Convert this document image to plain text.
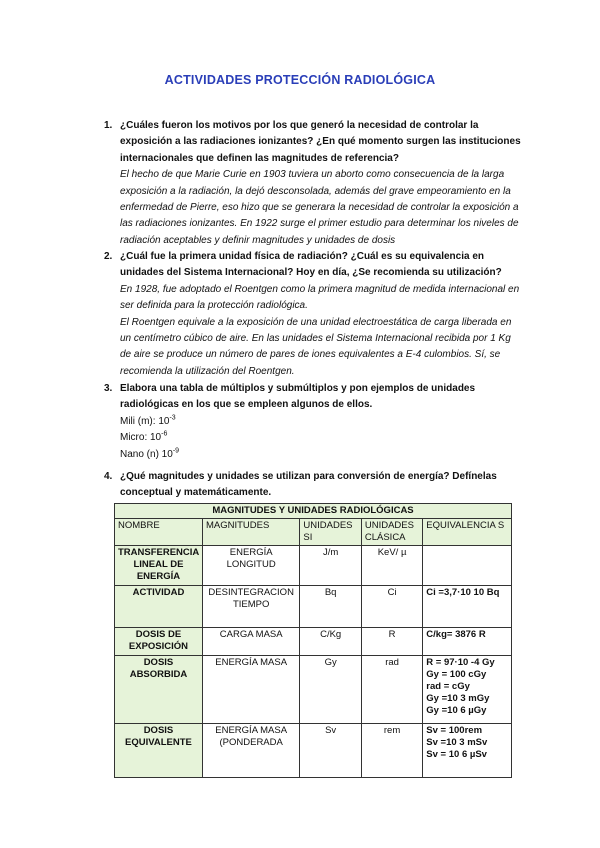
ACTIVIDADES PROTECCIÓN RADIOLÓGICA
1. ¿Cuáles fueron los motivos por los que generó la necesidad de controlar la exposición a las radiaciones ionizantes? ¿En qué momento surgen las instituciones internacionales que definen las magnitudes de referencia?
El hecho de que Marie Curie en 1903 tuviera un aborto como consecuencia de la larga exposición a la radiación, la dejó desconsolada, además del grave empeoramiento en la enfermedad de Pierre, eso hizo que se generara la necesidad de controlar la exposición a las radiaciones ionizantes. En 1922 surge el primer estudio para determinar los niveles de radiación aceptables y definir magnitudes y unidades de dosis
2. ¿Cuál fue la primera unidad física de radiación? ¿Cuál es su equivalencia en unidades del Sistema Internacional? Hoy en día, ¿Se recomienda su utilización?
En 1928, fue adoptado el Roentgen como la primera magnitud de medida internacional en ser definida para la protección radiológica.
El Roentgen equivale a la exposición de una unidad electroestática de carga liberada en un centímetro cúbico de aire. En las unidades el Sistema Internacional recibida por 1 Kg de aire se produce un número de pares de iones equivalentes a E-4 culombios. Sí, se recomienda la utilización del Roentgen.
3. Elabora una tabla de múltiplos y submúltiplos y pon ejemplos de unidades radiológicas en los que se empleen algunos de ellos.
Mili (m): $10^{-3}$
Micro: $10^{-6}$
Nano (n) $10^{-9}$
4. ¿Qué magnitudes y unidades se utilizan para conversión de energía? Defínelas conceptual y matemáticamente.
MAGNITUDES Y UNIDADES RADIOLÓGICAS				
NOMBRE	MAGNITUDES	UNIDADES SI	UNIDADES CLÁSICA	EQUIVALENCIA S
TRANSFERENCIA LINEAL DE ENERGÍA	ENERGÍA LONGITUD	J/m	KeV/ µ	
ACTIVIDAD	DESINTEGRACION TIEMPO	Bq	Ci	Ci =3,7·10 10 Bq
DOSIS DE EXPOSICIÓN	CARGA MASA	C/Kg	R	C/kg= 3876 R
DOSIS ABSORBIDA	ENERGÍA MASA	Gy	rad	R = 97·10 -4 Gy
Gy = 100 cGy
rad = cGy
Gy =10 3 mGy
Gy =10 6 µGy
DOSIS EQUIVALENTE	ENERGÍA MASA (PONDERADA	Sv	rem	Sv = 100rem
Sv =10 3 mSv
Sv = 10 6 µSv
